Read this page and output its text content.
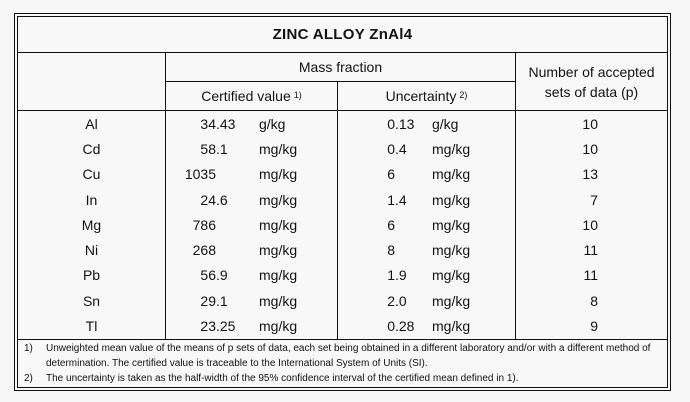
ZINC ALLOY ZnAl4
Mass fraction	Number of accepted sets of data (p)
Certified value $^{1)}$	Uncertainty $^{2)}$
Al	34.43 g/kg	0.13 g/kg	10
Cd	58.1	mg/kg	0.4	mg/kg	10
Cu	1035	mg/kg	6	mg/kg	13
In	24.6	mg/kg	1.4	mg/kg	7
Mg	786	mg/kg	6	mg/kg	10
Ni	268	mg/kg	8	mg/kg	11
Pb	56.9	mg/kg	1.9	mg/kg	11
Sn	29.1	mg/kg	2.0	mg/kg	8
Tl	23.25 mg/kg	0.28 mg/kg	9
1)	Unweighted mean value of the means of p sets of data, each set being obtained in a different laboratory and/or with a different method of determination. The certified value is traceable to the International System of Units (SI).
2)	The uncertainty is taken as the half-width of the 95% confidence interval of the certified mean defined in 1).
